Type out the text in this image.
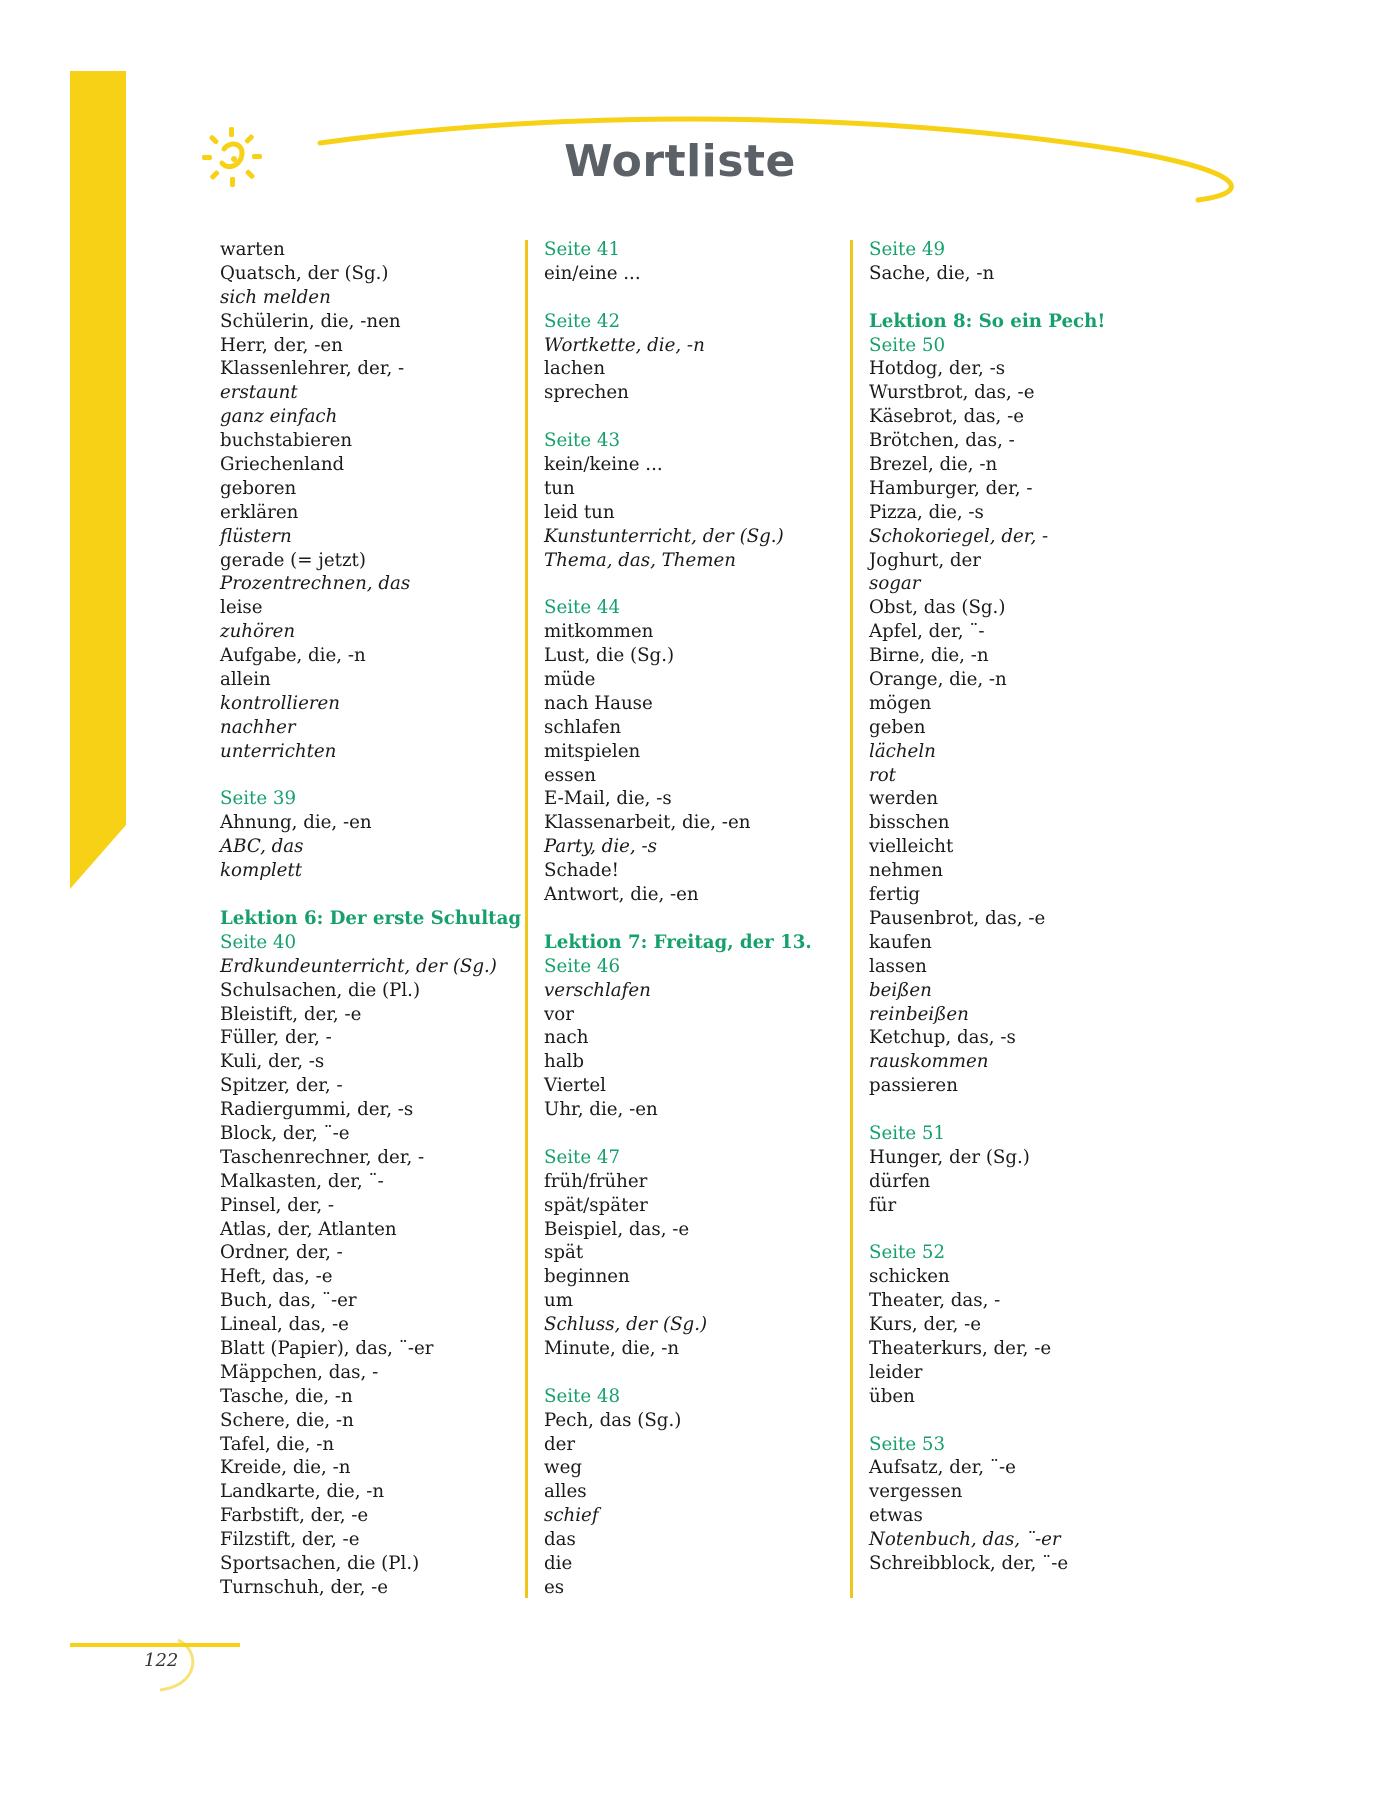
Wortliste
warten
Quatsch, der (Sg.)
sich melden
Schülerin, die, -nen
Herr, der, -en
Klassenlehrer, der, -
erstaunt
ganz einfach
buchstabieren
Griechenland
geboren
erklären
flüstern
gerade (= jetzt)
Prozentrechnen, das
leise
zuhören
Aufgabe, die, -n
allein
kontrollieren
nachher
unterrichten
Seite 39
Ahnung, die, -en
ABC, das
komplett
Lektion 6: Der erste Schultag
Seite 40
Erdkundeunterricht, der (Sg.)
Schulsachen, die (Pl.)
Bleistift, der, -e
Füller, der, -
Kuli, der, -s
Spitzer, der, -
Radiergummi, der, -s
Block, der, ¨-e
Taschenrechner, der, -
Malkasten, der, ¨-
Pinsel, der, -
Atlas, der, Atlanten
Ordner, der, -
Heft, das, -e
Buch, das, ¨-er
Lineal, das, -e
Blatt (Papier), das, ¨-er
Mäppchen, das, -
Tasche, die, -n
Schere, die, -n
Tafel, die, -n
Kreide, die, -n
Landkarte, die, -n
Farbstift, der, -e
Filzstift, der, -e
Sportsachen, die (Pl.)
Turnschuh, der, -e
Seite 41
ein/eine ...
Seite 42
Wortkette, die, -n
lachen
sprechen
Seite 43
kein/keine ...
tun
leid tun
Kunstunterricht, der (Sg.)
Thema, das, Themen
Seite 44
mitkommen
Lust, die (Sg.)
müde
nach Hause
schlafen
mitspielen
essen
E-Mail, die, -s
Klassenarbeit, die, -en
Party, die, -s
Schade!
Antwort, die, -en
Lektion 7: Freitag, der 13.
Seite 46
verschlafen
vor
nach
halb
Viertel
Uhr, die, -en
Seite 47
früh/früher
spät/später
Beispiel, das, -e
spät
beginnen
um
Schluss, der (Sg.)
Minute, die, -n
Seite 48
Pech, das (Sg.)
der
weg
alles
schief
das
die
es
Seite 49
Sache, die, -n
Lektion 8: So ein Pech!
Seite 50
Hotdog, der, -s
Wurstbrot, das, -e
Käsebrot, das, -e
Brötchen, das, -
Brezel, die, -n
Hamburger, der, -
Pizza, die, -s
Schokoriegel, der, -
Joghurt, der
sogar
Obst, das (Sg.)
Apfel, der, ¨-
Birne, die, -n
Orange, die, -n
mögen
geben
lächeln
rot
werden
bisschen
vielleicht
nehmen
fertig
Pausenbrot, das, -e
kaufen
lassen
beißen
reinbeißen
Ketchup, das, -s
rauskommen
passieren
Seite 51
Hunger, der (Sg.)
dürfen
für
Seite 52
schicken
Theater, das, -
Kurs, der, -e
Theaterkurs, der, -e
leider
üben
Seite 53
Aufsatz, der, ¨-e
vergessen
etwas
Notenbuch, das, ¨-er
Schreibblock, der, ¨-e
122
